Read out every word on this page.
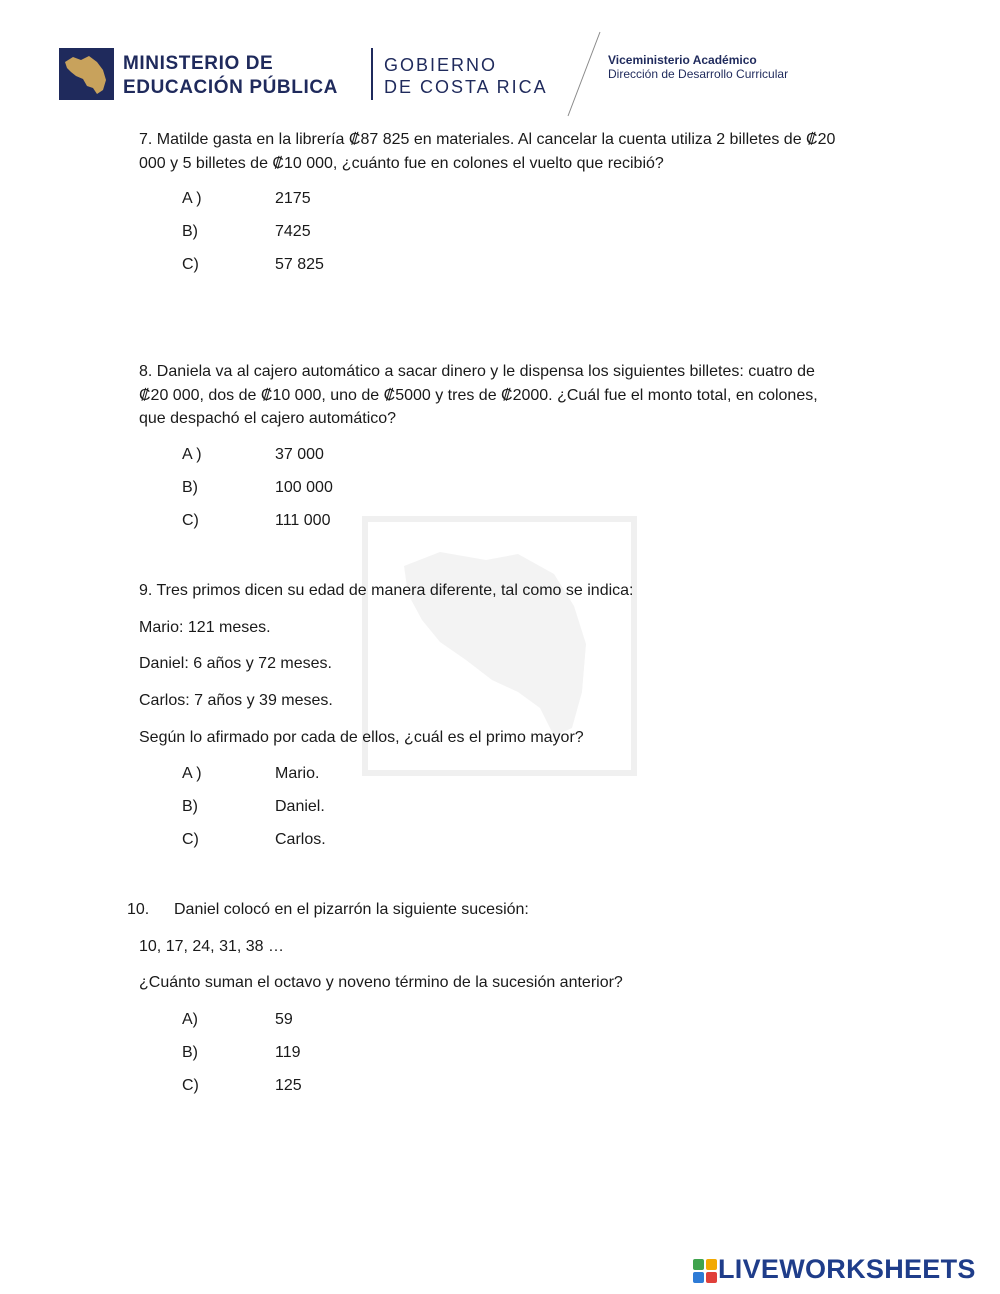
MINISTERIO DE
EDUCACIÓN PÚBLICA
GOBIERNO
DE COSTA RICA
Viceministerio Académico
Dirección de Desarrollo Curricular
7. Matilde gasta en la librería ₡87 825 en materiales. Al cancelar la cuenta utiliza 2 billetes de ₡20
000 y 5 billetes de ₡10 000, ¿cuánto fue en colones el vuelto que recibió?
A )	2175
B)	7425
C)	57 825
8. Daniela va al cajero automático a sacar dinero y le dispensa los siguientes billetes: cuatro de
₡20 000, dos de ₡10 000, uno de ₡5000 y tres de ₡2000. ¿Cuál fue el monto total, en colones,
que despachó el cajero automático?
A )	37 000
B)	100 000
C)	111 000
9. Tres primos dicen su edad de manera diferente, tal como se indica:
Mario: 121 meses.
Daniel: 6 años y 72 meses.
Carlos: 7 años y 39 meses.
Según lo afirmado por cada de ellos, ¿cuál es el primo mayor?
A )	Mario.
B)	Daniel.
C)	Carlos.
10. Daniel colocó en el pizarrón la siguiente sucesión:
10, 17, 24, 31, 38 …
¿Cuánto suman el octavo y noveno término de la sucesión anterior?
A)	59
B)	119
C)	125
LIVEWORKSHEETS
